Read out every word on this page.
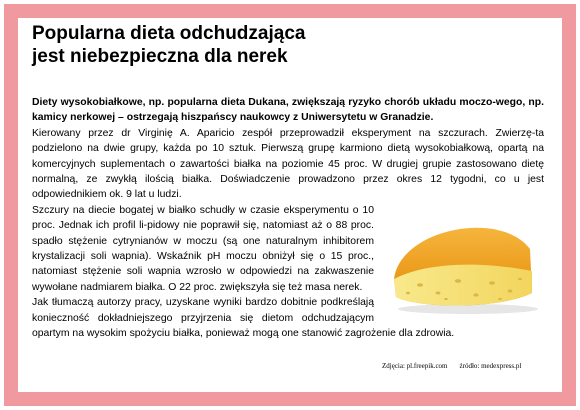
Popularna dieta odchudzająca
jest niebezpieczna dla nerek

Diety wysokobiałkowe, np. popularna dieta Dukana, zwiększają ryzyko chorób układu moczo-wego, np. kamicy nerkowej – ostrzegają hiszpańscy naukowcy z Uniwersytetu w Granadzie.

Kierowany przez dr Virginię A. Aparicio zespół przeprowadził eksperyment na szczurach. Zwierzę-ta podzielono na dwie grupy, każda po 10 sztuk. Pierwszą grupę karmiono dietą wysokobiałkową, opartą na komercyjnych suplementach o zawartości białka na poziomie 45 proc. W drugiej grupie zastosowano dietę normalną, ze zwykłą ilością białka. Doświadczenie prowadzono przez okres 12 tygodni, co u jest odpowiednikiem ok. 9 lat u ludzi.

Szczury na diecie bogatej w białko schudły w czasie eksperymentu o 10 proc. Jednak ich profil li-pidowy nie poprawił się, natomiast aż o 88 proc. spadło stężenie cytrynianów w moczu (są one naturalnym inhibitorem krystalizacji soli wapnia). Wskaźnik pH moczu obniżył się o 15 proc., natomiast stężenie soli wapnia wzrosło w odpowiedzi na zakwaszenie wywołane nadmiarem białka. O 22 proc. zwiększyła się też masa nerek.

Jak tłumaczą autorzy pracy, uzyskane wyniki bardzo dobitnie podkreślają konieczność dokładniejszego przyjrzenia się dietom odchudzającym opartym na wysokim spożyciu białka, ponieważ mogą one stanowić zagrożenie dla zdrowia.

Zdjęcia: pl.freepik.com źródło: medexpress.pl
